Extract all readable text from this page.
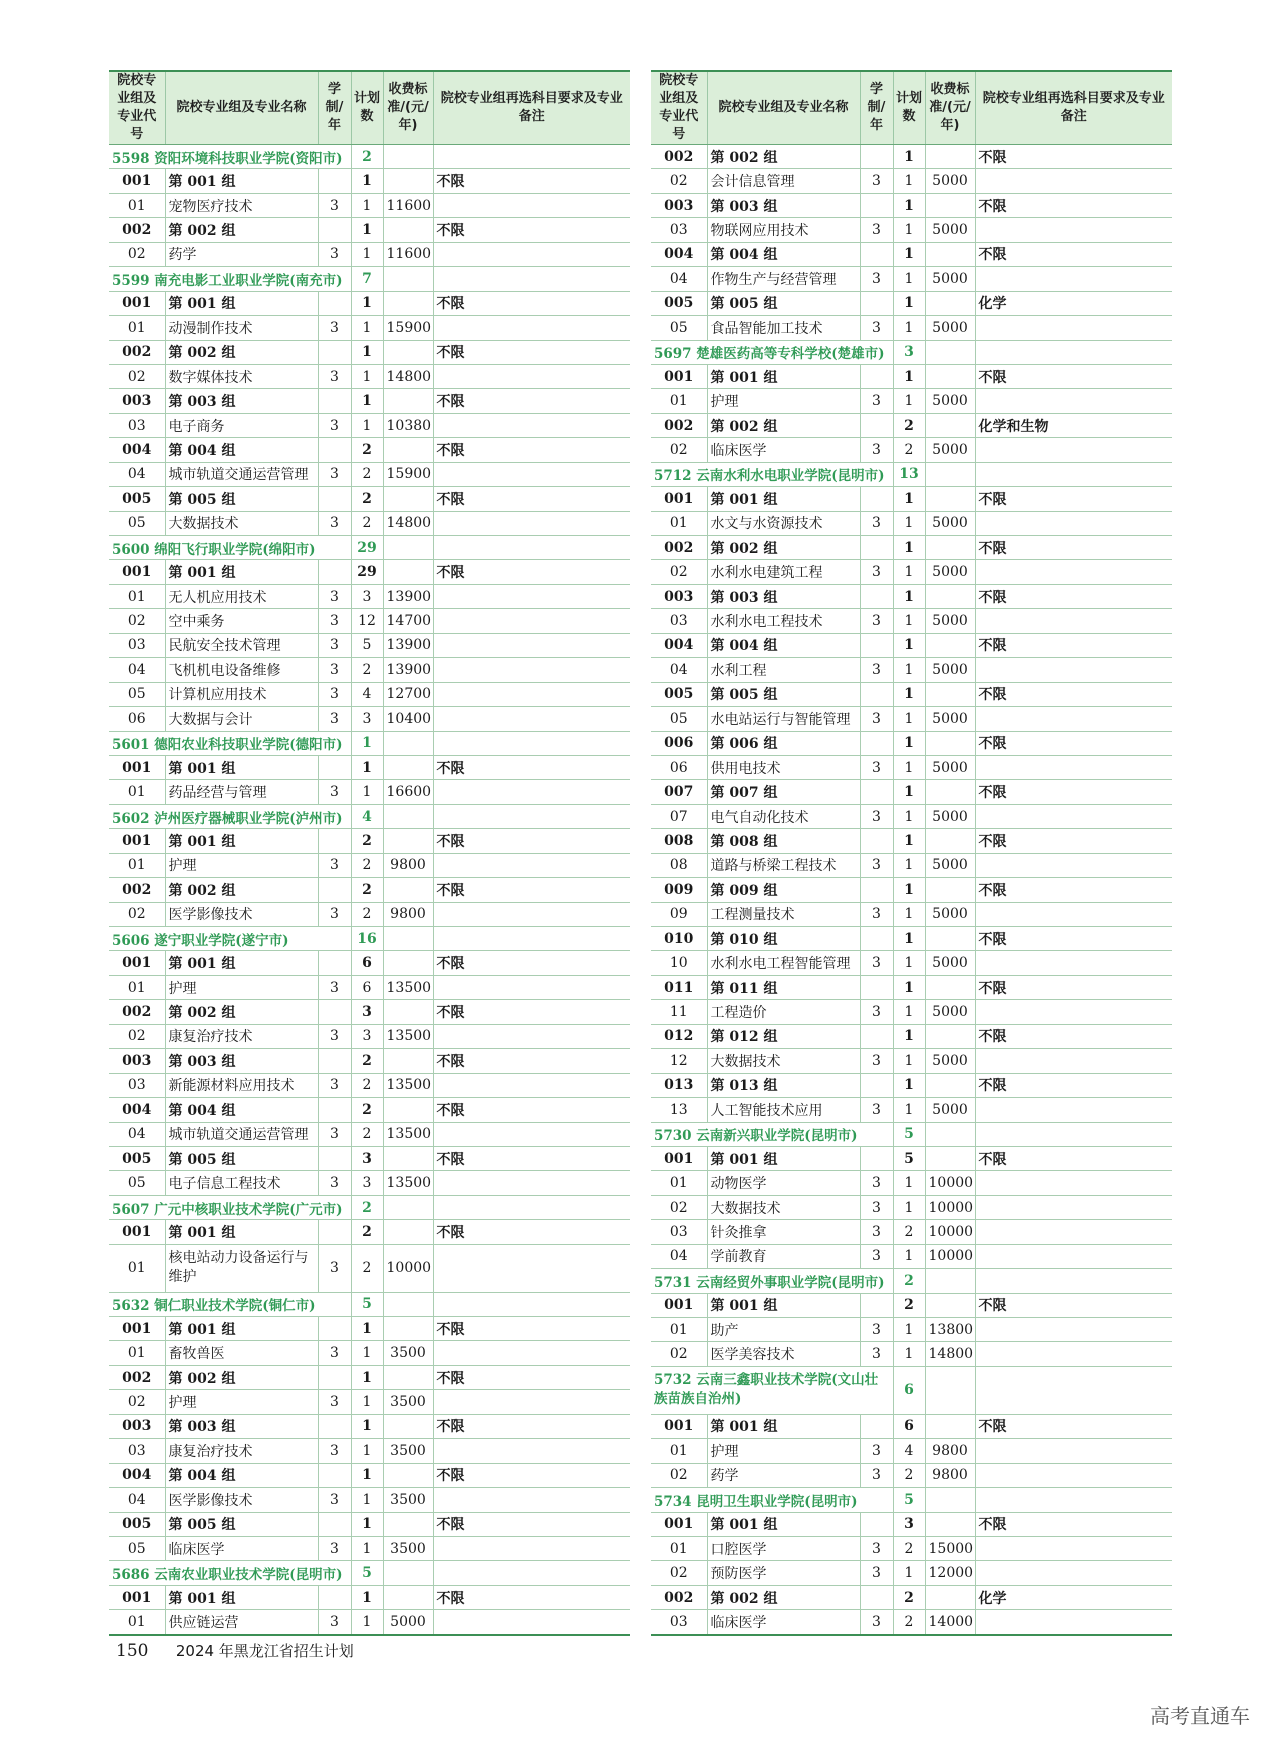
院校专业组及专业代号	院校专业组及专业名称	学制/年	计划数	收费标准/(元/年)	院校专业组再选科目要求及专业备注
5598 资阳环境科技职业学院(资阳市)			2		
001	第 001 组		1		不限
01	宠物医疗技术	3	1	11600	
002	第 002 组		1		不限
02	药学	3	1	11600	
5599 南充电影工业职业学院(南充市)			7		
001	第 001 组		1		不限
01	动漫制作技术	3	1	15900	
002	第 002 组		1		不限
02	数字媒体技术	3	1	14800	
003	第 003 组		1		不限
03	电子商务	3	1	10380	
004	第 004 组		2		不限
04	城市轨道交通运营管理	3	2	15900	
005	第 005 组		2		不限
05	大数据技术	3	2	14800	
5600 绵阳飞行职业学院(绵阳市)			29		
001	第 001 组		29		不限
01	无人机应用技术	3	3	13900	
02	空中乘务	3	12	14700	
03	民航安全技术管理	3	5	13900	
04	飞机机电设备维修	3	2	13900	
05	计算机应用技术	3	4	12700	
06	大数据与会计	3	3	10400	
5601 德阳农业科技职业学院(德阳市)			1		
001	第 001 组		1		不限
01	药品经营与管理	3	1	16600	
5602 泸州医疗器械职业学院(泸州市)			4		
001	第 001 组		2		不限
01	护理	3	2	9800	
002	第 002 组		2		不限
02	医学影像技术	3	2	9800	
5606 遂宁职业学院(遂宁市)			16		
001	第 001 组		6		不限
01	护理	3	6	13500	
002	第 002 组		3		不限
02	康复治疗技术	3	3	13500	
003	第 003 组		2		不限
03	新能源材料应用技术	3	2	13500	
004	第 004 组		2		不限
04	城市轨道交通运营管理	3	2	13500	
005	第 005 组		3		不限
05	电子信息工程技术	3	3	13500	
5607 广元中核职业技术学院(广元市)			2		
001	第 001 组		2		不限
01	核电站动力设备运行与维护	3	2	10000	
5632 铜仁职业技术学院(铜仁市)			5		
001	第 001 组		1		不限
01	畜牧兽医	3	1	3500	
002	第 002 组		1		不限
02	护理	3	1	3500	
003	第 003 组		1		不限
03	康复治疗技术	3	1	3500	
004	第 004 组		1		不限
04	医学影像技术	3	1	3500	
005	第 005 组		1		不限
05	临床医学	3	1	3500	
5686 云南农业职业技术学院(昆明市)			5		
001	第 001 组		1		不限
01	供应链运营	3	1	5000	
院校专业组及专业代号	院校专业组及专业名称	学制/年	计划数	收费标准/(元/年)	院校专业组再选科目要求及专业备注
002	第 002 组		1		不限
02	会计信息管理	3	1	5000	
003	第 003 组		1		不限
03	物联网应用技术	3	1	5000	
004	第 004 组		1		不限
04	作物生产与经营管理	3	1	5000	
005	第 005 组		1		化学
05	食品智能加工技术	3	1	5000	
5697 楚雄医药高等专科学校(楚雄市)			3		
001	第 001 组		1		不限
01	护理	3	1	5000	
002	第 002 组		2		化学和生物
02	临床医学	3	2	5000	
5712 云南水利水电职业学院(昆明市)			13		
001	第 001 组		1		不限
01	水文与水资源技术	3	1	5000	
002	第 002 组		1		不限
02	水利水电建筑工程	3	1	5000	
003	第 003 组		1		不限
03	水利水电工程技术	3	1	5000	
004	第 004 组		1		不限
04	水利工程	3	1	5000	
005	第 005 组		1		不限
05	水电站运行与智能管理	3	1	5000	
006	第 006 组		1		不限
06	供用电技术	3	1	5000	
007	第 007 组		1		不限
07	电气自动化技术	3	1	5000	
008	第 008 组		1		不限
08	道路与桥梁工程技术	3	1	5000	
009	第 009 组		1		不限
09	工程测量技术	3	1	5000	
010	第 010 组		1		不限
10	水利水电工程智能管理	3	1	5000	
011	第 011 组		1		不限
11	工程造价	3	1	5000	
012	第 012 组		1		不限
12	大数据技术	3	1	5000	
013	第 013 组		1		不限
13	人工智能技术应用	3	1	5000	
5730 云南新兴职业学院(昆明市)			5		
001	第 001 组		5		不限
01	动物医学	3	1	10000	
02	大数据技术	3	1	10000	
03	针灸推拿	3	2	10000	
04	学前教育	3	1	10000	
5731 云南经贸外事职业学院(昆明市)			2		
001	第 001 组		2		不限
01	助产	3	1	13800	
02	医学美容技术	3	1	14800	
5732 云南三鑫职业技术学院(文山壮族苗族自治州)			6		
001	第 001 组		6		不限
01	护理	3	4	9800	
02	药学	3	2	9800	
5734 昆明卫生职业学院(昆明市)			5		
001	第 001 组		3		不限
01	口腔医学	3	2	15000	
02	预防医学	3	1	12000	
002	第 002 组		2		化学
03	临床医学	3	2	14000	
150 2024 年黑龙江省招生计划
高考直通车
